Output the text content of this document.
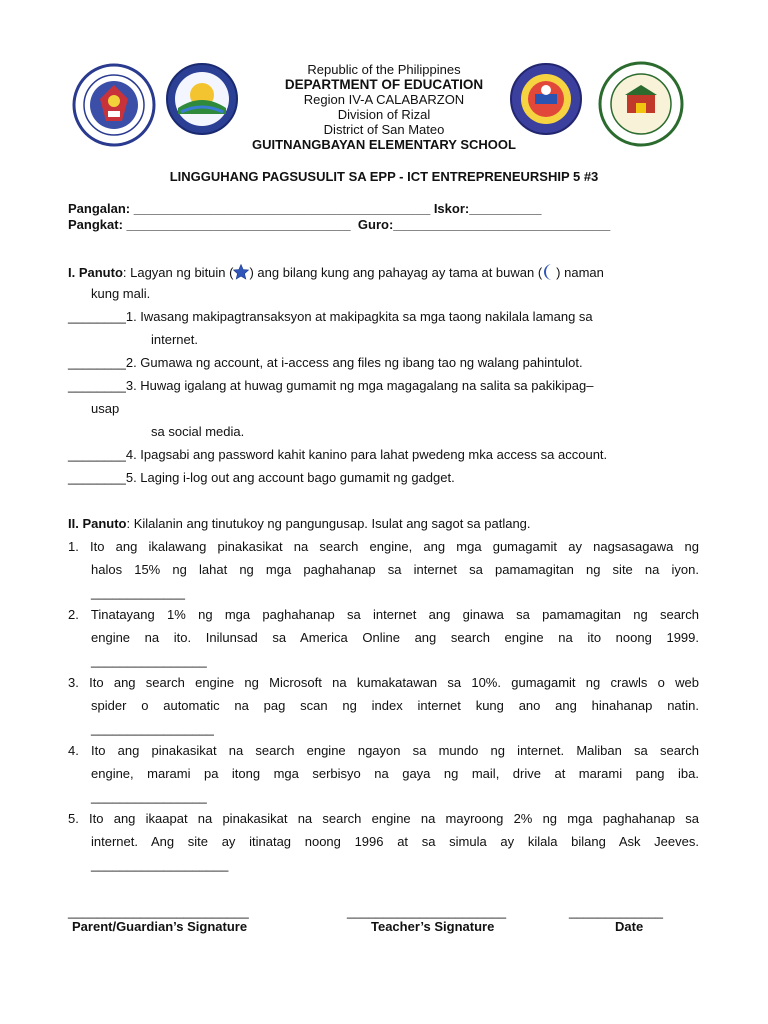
Republic of the Philippines
DEPARTMENT OF EDUCATION
Region IV-A CALABARZON
Division of Rizal
District of San Mateo
GUITNANGBAYAN ELEMENTARY SCHOOL
LINGGUHANG PAGSUSULIT SA EPP - ICT ENTREPRENEURSHIP 5 #3
Pangalan: _________________________________________ Iskor:__________
Pangkat: _______________________________ Guro:______________________________
I. Panuto: Lagyan ng bituin ( ) ang bilang kung ang pahayag ay tama at buwan ( ) naman
kung mali.
________1. Iwasang makipagtransaksyon at makipagkita sa mga taong nakilala lamang sa
internet.
________2. Gumawa ng account, at i-access ang files ng ibang tao ng walang pahintulot.
________3. Huwag igalang at huwag gumamit ng mga magagalang na salita sa pakikipag–
usap
sa social media.
________4. Ipagsabi ang password kahit kanino para lahat pwedeng mka access sa account.
________5. Laging i-log out ang account bago gumamit ng gadget.
II. Panuto: Kilalanin ang tinutukoy ng pangungusap. Isulat ang sagot sa patlang.
1. Ito ang ikalawang pinakasikat na search engine, ang mga gumagamit ay nagsasagawa ng
halos 15% ng lahat ng mga paghahanap sa internet sa pamamagitan ng site na iyon.
_____________
2. Tinatayang 1% ng mga paghahanap sa internet ang ginawa sa pamamagitan ng search
engine na ito. Inilunsad sa America Online ang search engine na ito noong 1999.
________________
3. Ito ang search engine ng Microsoft na kumakatawan sa 10%. gumagamit ng crawls o web
spider o automatic na pag scan ng index internet kung ano ang hinahanap natin.
_________________
4. Ito ang pinakasikat na search engine ngayon sa mundo ng internet. Maliban sa search
engine, marami pa itong mga serbisyo na gaya ng mail, drive at marami pang iba.
________________
5. Ito ang ikaapat na pinakasikat na search engine na mayroong 2% ng mga paghahanap sa
internet. Ang site ay itinatag noong 1996 at sa simula ay kilala bilang Ask Jeeves.
___________________
_________________________	______________________	_____________
Parent/Guardian’s Signature	Teacher’s Signature	Date
